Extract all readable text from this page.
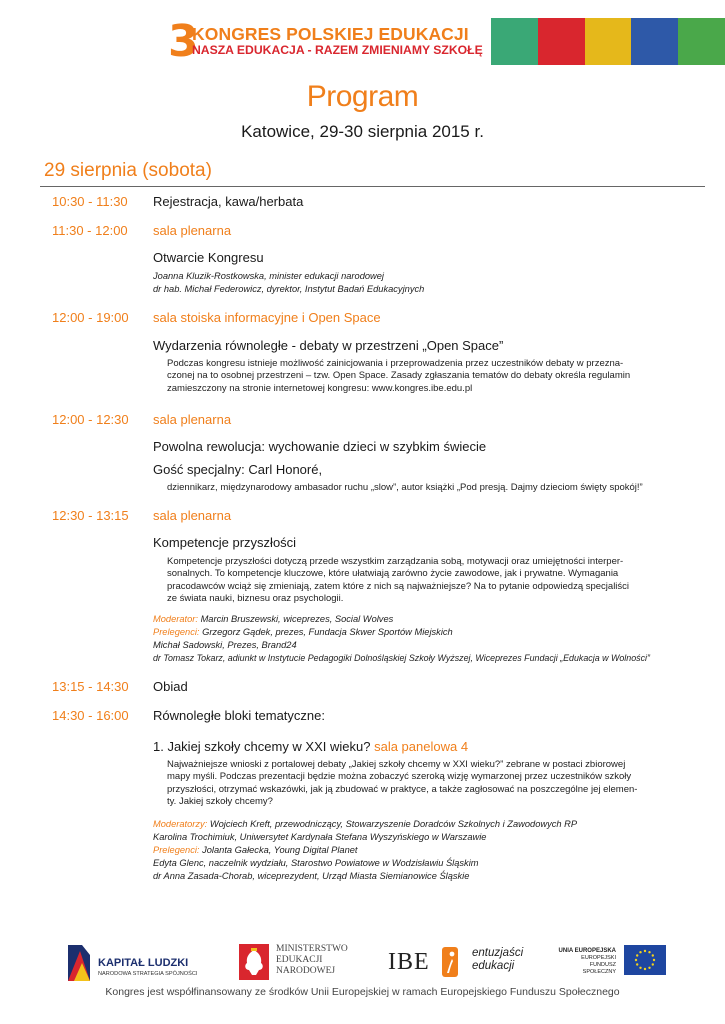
3
KONGRES POLSKIEJ EDUKACJI
NASZA EDUKACJA - RAZEM ZMIENIAMY SZKOŁĘ
Program
Katowice, 29-30 sierpnia 2015 r.
29 sierpnia (sobota)
10:30 - 11:30 Rejestracja, kawa/herbata
11:30 - 12:00 sala plenarna
Otwarcie Kongresu
Joanna Kluzik-Rostkowska, minister edukacji narodowej
dr hab. Michał Federowicz, dyrektor, Instytut Badań Edukacyjnych
12:00 - 19:00 sala stoiska informacyjne i Open Space
Wydarzenia równoległe - debaty w przestrzeni „Open Space”
Podczas kongresu istnieje możliwość zainicjowania i przeprowadzenia przez uczestników debaty w przezna-
czonej na to osobnej przestrzeni – tzw. Open Space. Zasady zgłaszania tematów do debaty określa regulamin
zamieszczony na stronie internetowej kongresu: www.kongres.ibe.edu.pl
12:00 - 12:30 sala plenarna
Powolna rewolucja: wychowanie dzieci w szybkim świecie
Gość specjalny: Carl Honoré,
dziennikarz, międzynarodowy ambasador ruchu „slow”, autor książki „Pod presją. Dajmy dzieciom święty spokój!”
12:30 - 13:15 sala plenarna
Kompetencje przyszłości
Kompetencje przyszłości dotyczą przede wszystkim zarządzania sobą, motywacji oraz umiejętności interper-
sonalnych. To kompetencje kluczowe, które ułatwiają zarówno życie zawodowe, jak i prywatne. Wymagania
pracodawców wciąż się zmieniają, zatem które z nich są najważniejsze? Na to pytanie odpowiedzą specjaliści
ze świata nauki, biznesu oraz psychologii.
Moderator: Marcin Bruszewski, wiceprezes, Social Wolves
Prelegenci: Grzegorz Gądek, prezes, Fundacja Skwer Sportów Miejskich
Michał Sadowski, Prezes, Brand24
dr Tomasz Tokarz, adiunkt w Instytucie Pedagogiki Dolnośląskiej Szkoły Wyższej, Wiceprezes Fundacji „Edukacja w Wolności”
13:15 - 14:30 Obiad
14:30 - 16:00 Równoległe bloki tematyczne:
1. Jakiej szkoły chcemy w XXI wieku? sala panelowa 4
Najważniejsze wnioski z portalowej debaty „Jakiej szkoły chcemy w XXI wieku?” zebrane w postaci zbiorowej
mapy myśli. Podczas prezentacji będzie można zobaczyć szeroką wizję wymarzonej przez uczestników szkoły
przyszłości, otrzymać wskazówki, jak ją zbudować w praktyce, a także zagłosować na poszczególne jej elemen-
ty. Jakiej szkoły chcemy?
Moderatorzy: Wojciech Kreft, przewodniczący, Stowarzyszenie Doradców Szkolnych i Zawodowych RP
Karolina Trochimiuk, Uniwersytet Kardynała Stefana Wyszyńskiego w Warszawie
Prelegenci: Jolanta Gałecka, Young Digital Planet
Edyta Glenc, naczelnik wydziału, Starostwo Powiatowe w Wodzisławiu Śląskim
dr Anna Zasada-Chorab, wiceprezydent, Urząd Miasta Siemianowice Śląskie
KAPITAŁ LUDZKI
NARODOWA STRATEGIA SPÓJNOŚCI
MINISTERSTWO
EDUKACJI
NARODOWEJ	IBE	entuzjaści
edukacji
UNIA EUROPEJSKA
EUROPEJSKI
FUNDUSZ SPOŁECZNY
Kongres jest współfinansowany ze środków Unii Europejskiej w ramach Europejskiego Funduszu Społecznego
